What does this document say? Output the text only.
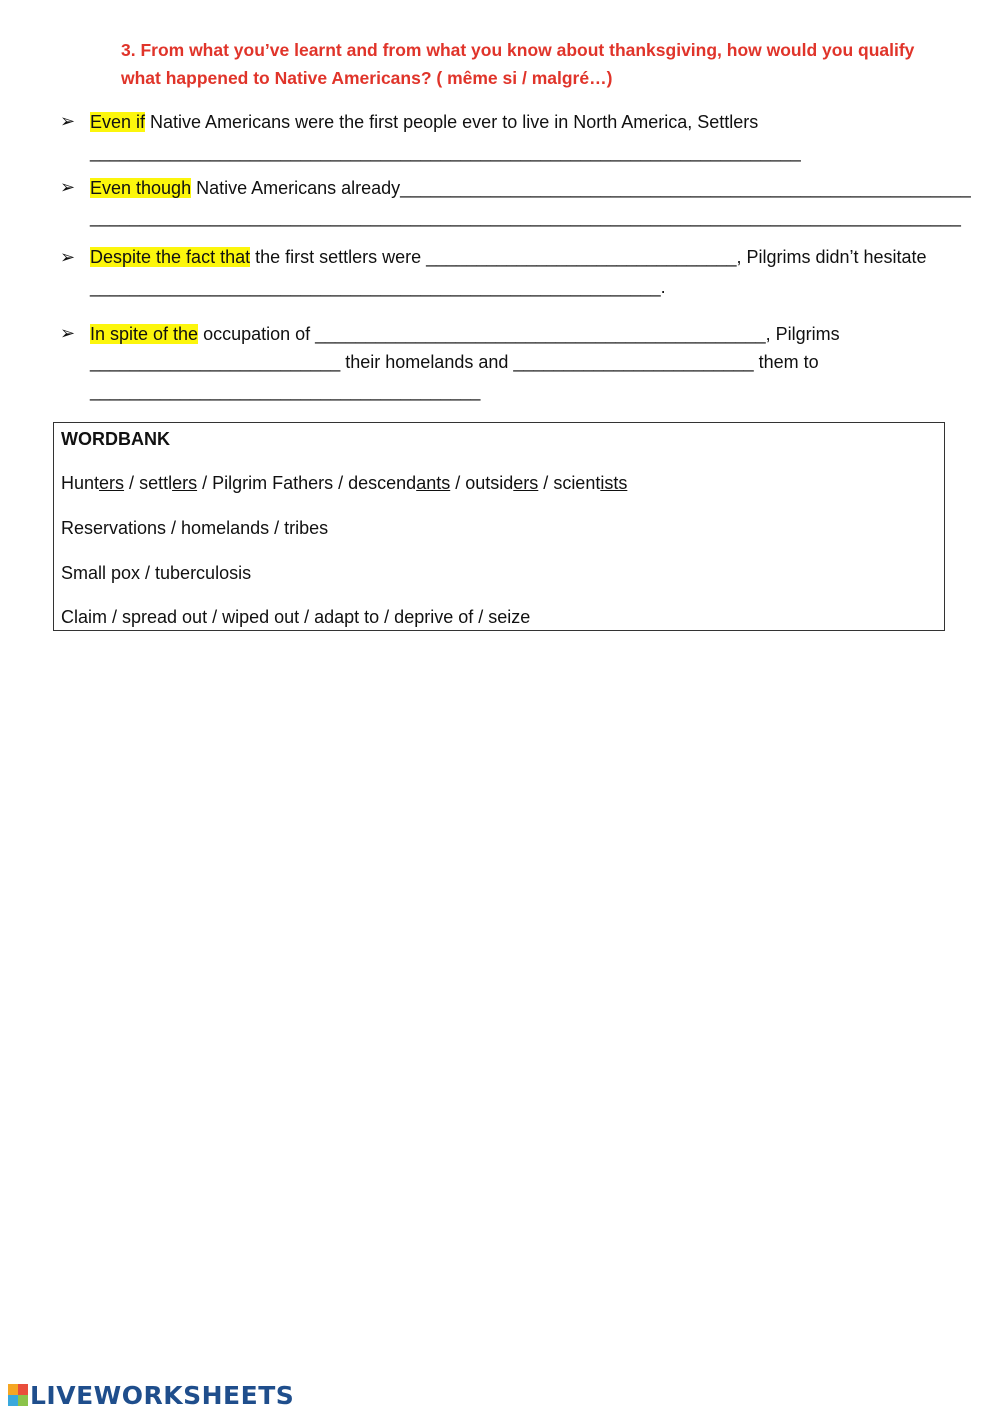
3. From what you’ve learnt and from what you know about thanksgiving, how would you qualify
what happened to Native Americans? ( même si / malgré…)
➢ Even if Native Americans were the first people ever to live in North America, Settlers
_______________________________________________________________________
➢ Even though Native Americans already_________________________________________________________
_______________________________________________________________________________________
➢ Despite the fact that the first settlers were _______________________________, Pilgrims didn’t hesitate
_________________________________________________________.
➢ In spite of the occupation of _____________________________________________, Pilgrims
_________________________ their homelands and ________________________ them to
_______________________________________
WORDBANK
Hunters / settlers / Pilgrim Fathers / descendants / outsiders / scientists
Reservations / homelands / tribes
Small pox / tuberculosis
Claim / spread out / wiped out / adapt to / deprive of / seize
LIVEWORKSHEETS
